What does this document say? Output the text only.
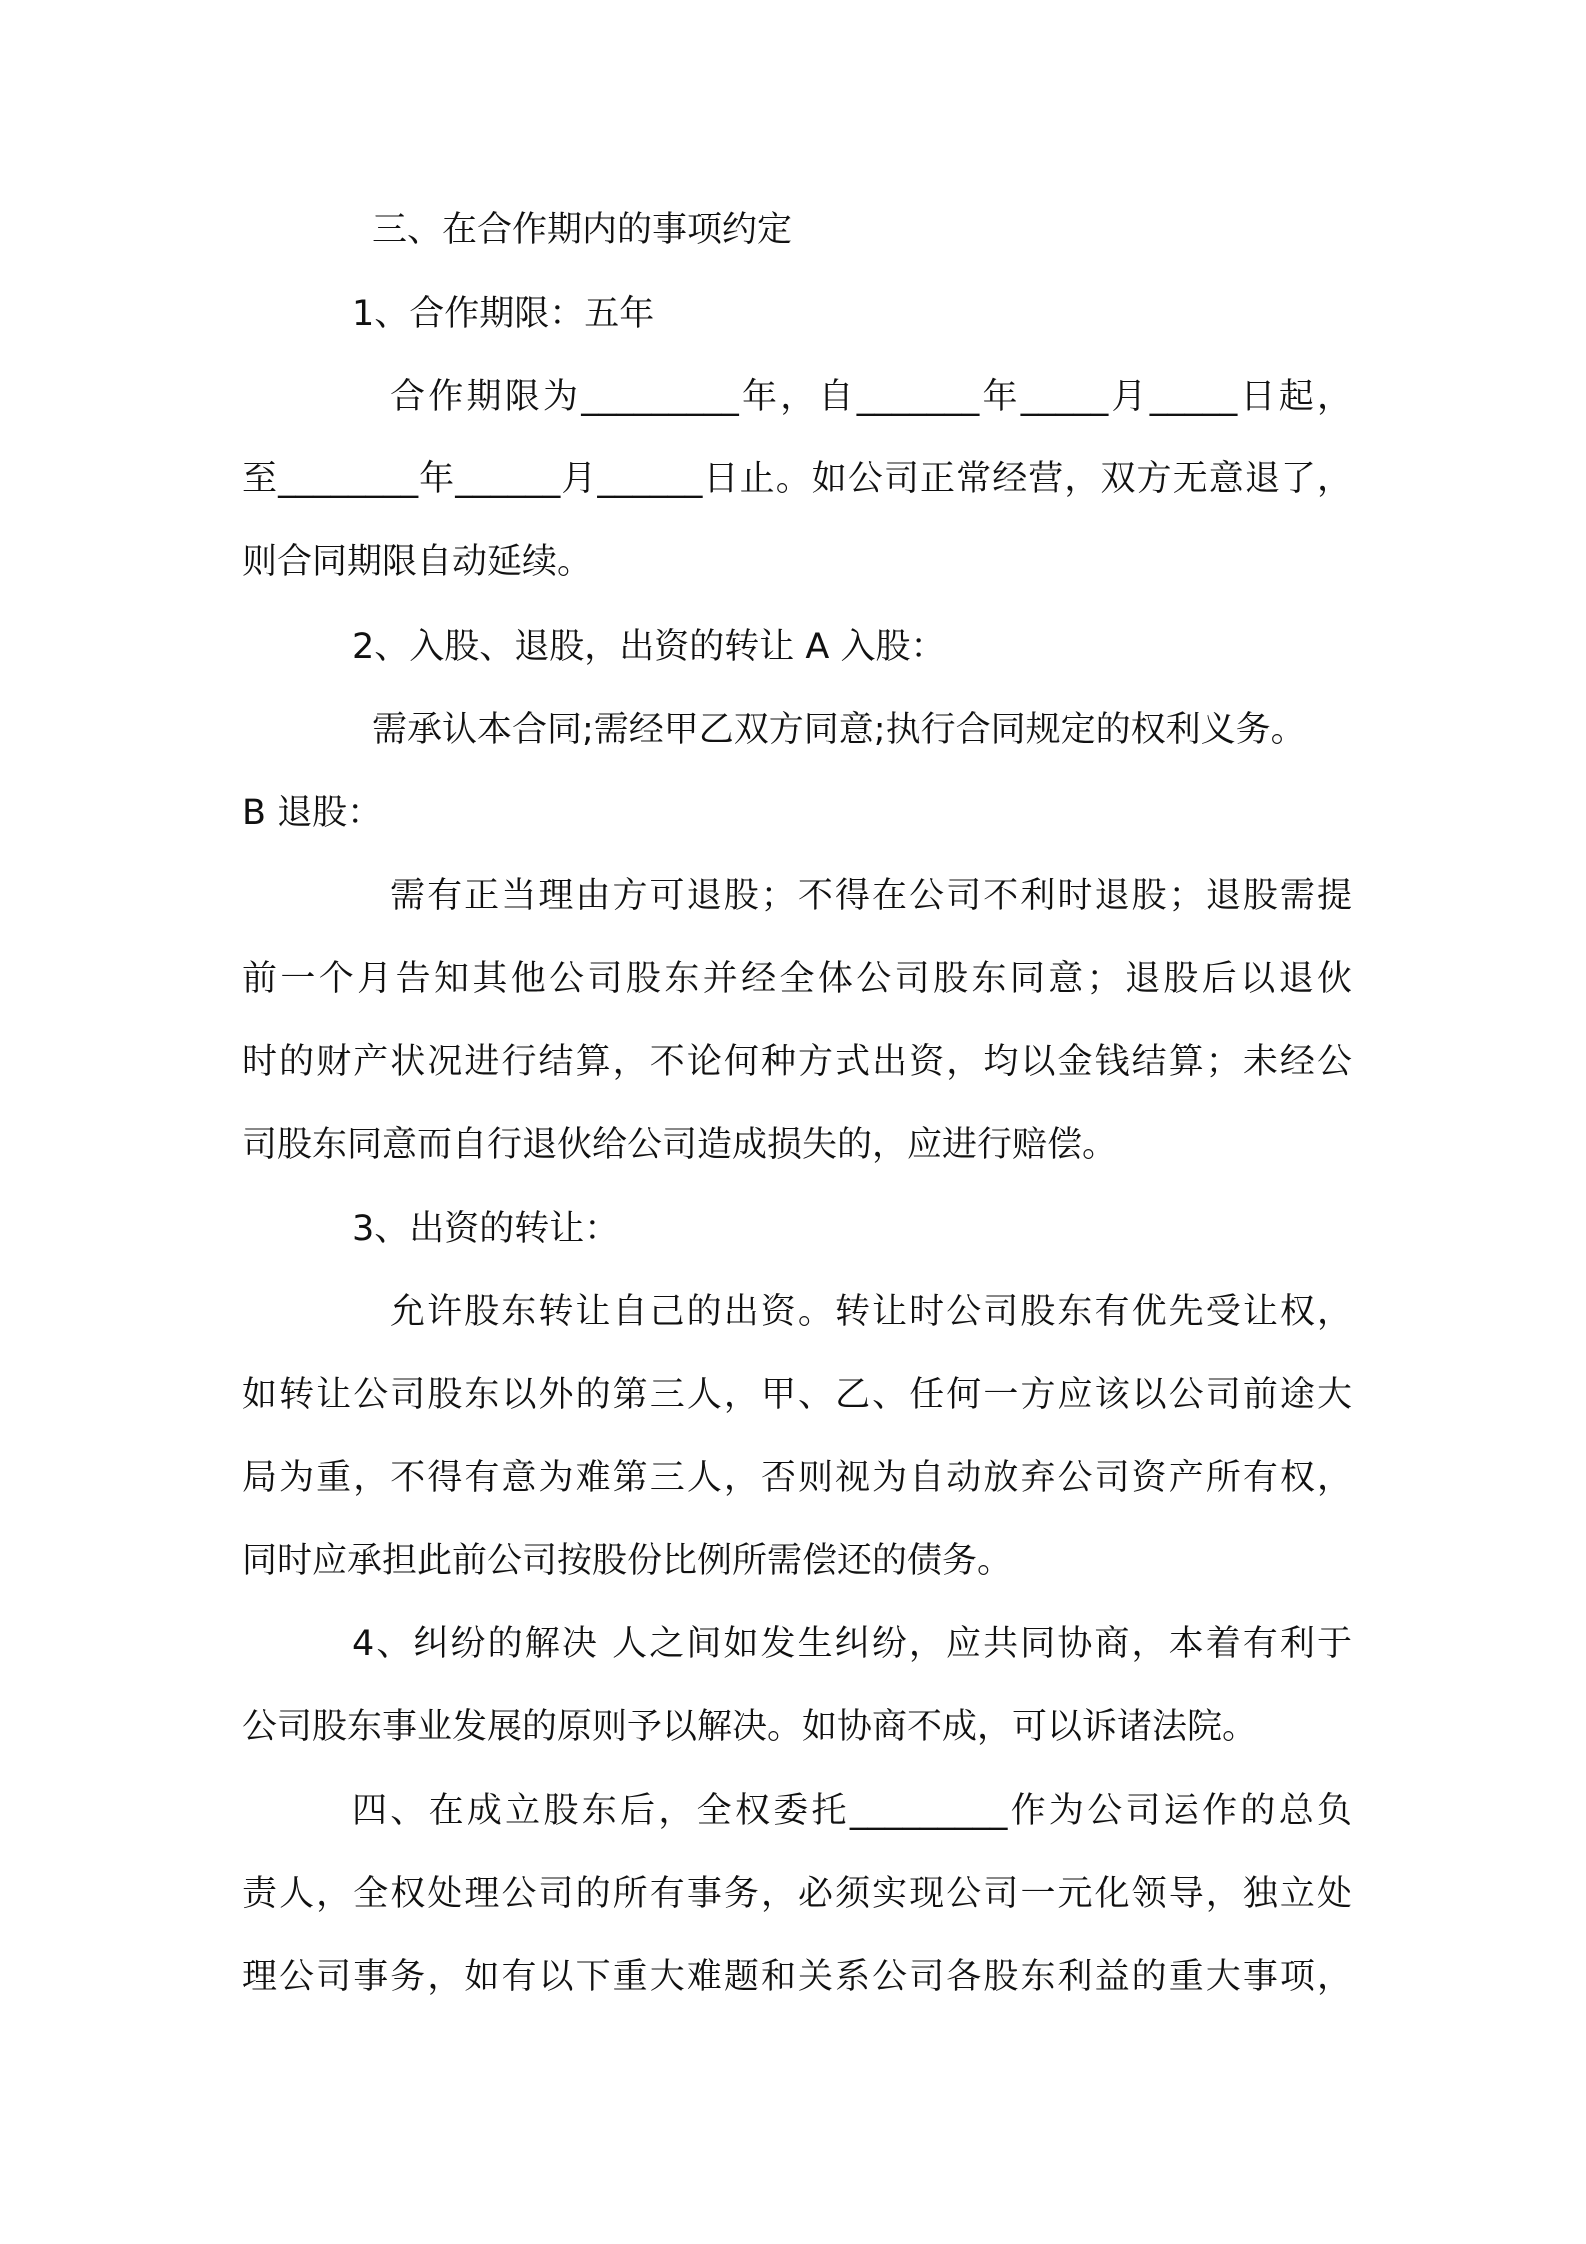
三、在合作期内的事项约定
1、合作期限：五年
合作期限为_________年，自_______年_____月_____日起，
至________年______月______日止。如公司正常经营，双方无意退了，
则合同期限自动延续。
2、入股、退股，出资的转让 A 入股：
需承认本合同;需经甲乙双方同意;执行合同规定的权利义务。
B 退股：
需有正当理由方可退股；不得在公司不利时退股；退股需提
前一个月告知其他公司股东并经全体公司股东同意；退股后以退伙
时的财产状况进行结算，不论何种方式出资，均以金钱结算；未经公
司股东同意而自行退伙给公司造成损失的，应进行赔偿。
3、出资的转让：
允许股东转让自己的出资。转让时公司股东有优先受让权，
如转让公司股东以外的第三人，甲、乙、任何一方应该以公司前途大
局为重，不得有意为难第三人，否则视为自动放弃公司资产所有权，
同时应承担此前公司按股份比例所需偿还的债务。
4、纠纷的解决 人之间如发生纠纷，应共同协商，本着有利于
公司股东事业发展的原则予以解决。如协商不成，可以诉诸法院。
四、在成立股东后，全权委托_________作为公司运作的总负
责人，全权处理公司的所有事务，必须实现公司一元化领导，独立处
理公司事务，如有以下重大难题和关系公司各股东利益的重大事项，
